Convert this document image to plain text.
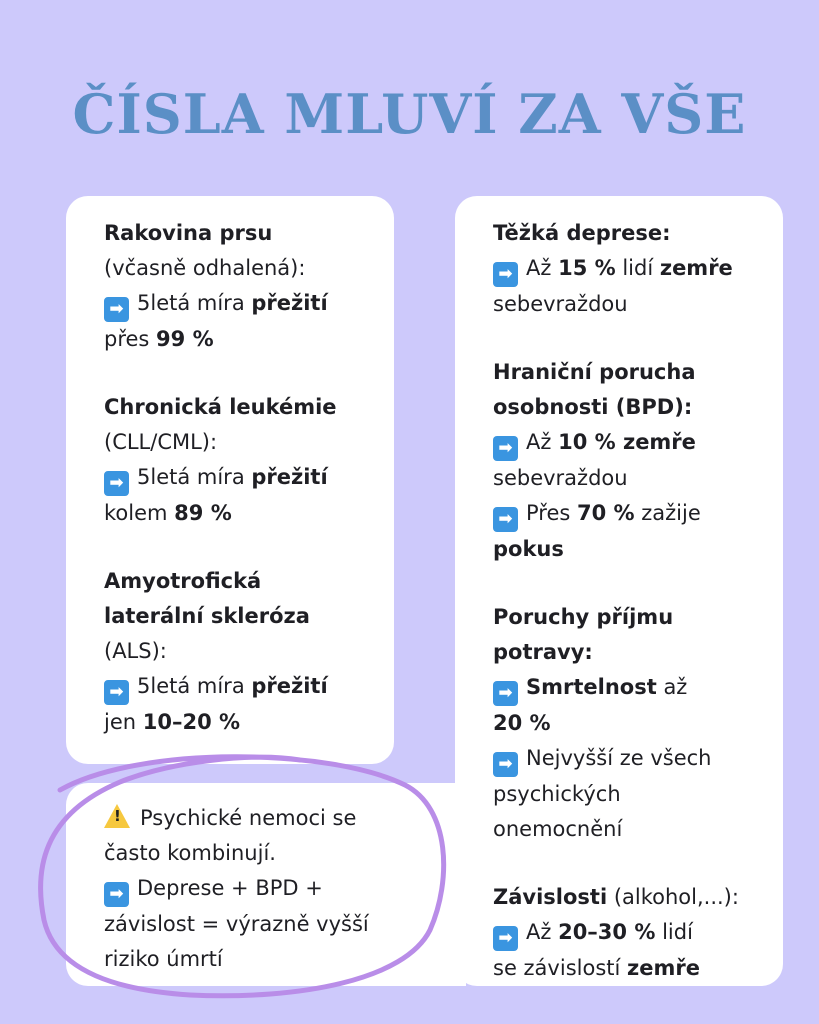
ČÍSLA MLUVÍ ZA VŠE

Rakovina prsu

(včasně odhalená):

➡ 5letá míra přežití

přes 99 %

Chronická leukémie

(CLL/CML):

➡ 5letá míra přežití

kolem 89 %

Amyotrofická

laterální skleróza

(ALS):

➡ 5letá míra přežití

jen 10–20 %

Těžká deprese:

➡ Až 15 % lidí zemře

sebevraždou

Hraniční porucha

osobnosti (BPD):

➡ Až 10 % zemře

sebevraždou

➡ Přes 70 % zažije

pokus

Poruchy příjmu

potravy:

➡ Smrtelnost až

20 %

➡ Nejvyšší ze všech

psychických

onemocnění

Závislosti (alkohol,...):

➡ Až 20–30 % lidí

se závislostí zemře

! Psychické nemoci se

často kombinují.

➡ Deprese + BPD +

závislost = výrazně vyšší

riziko úmrtí
